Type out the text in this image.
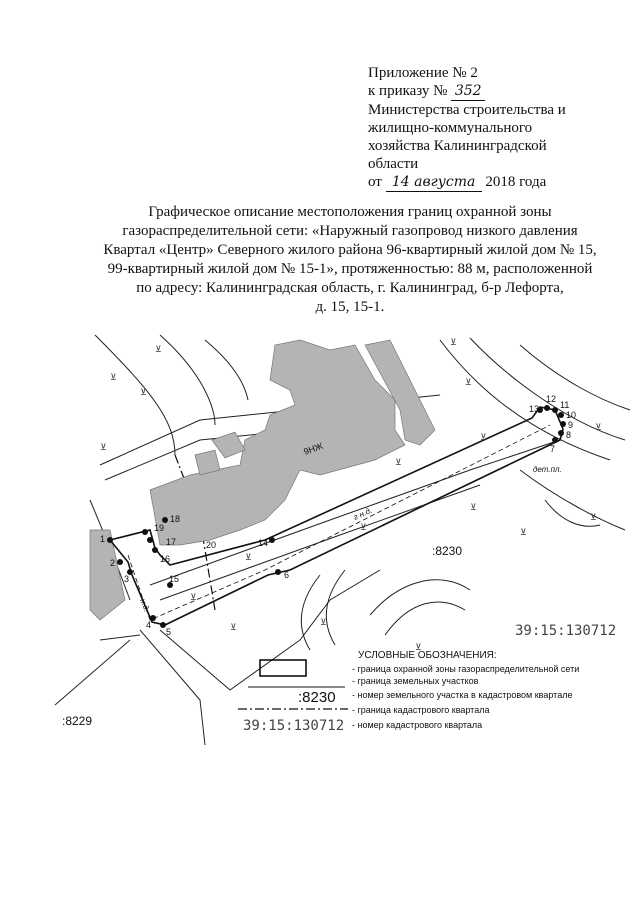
Приложение № 2
к приказу № 352
Министерства строительства и
жилищно-коммунального
хозяйства Калининградской
области
от 14 августа 2018 года
Графическое описание местоположения границ охранной зоны
газораспределительной сети: «Наружный газопровод низкого давления
Квартал «Центр» Северного жилого района 96-квартирный жилой дом № 15,
99-квартирный жилой дом № 15-1», протяженностью: 88 м, расположенной
по адресу: Калининградская область, г. Калининград, б-р Лефорта,
д. 15, 15-1.
1
2
3
4
5
6
7
8
9
10
11
12
13
14
15
16
17
18
19
9НЖ
20	:8230
:8229
39:15:130712
дет.пл.
г н.д.
н.д.
⊻
⊻
⊻
⊻
⊻
⊻
⊻
⊻
⊻
⊻
⊻
⊻
⊻
⊻
⊻
⊻
⊻	⊻
:8230
39:15:130712
УСЛОВНЫЕ ОБОЗНАЧЕНИЯ:
- граница охранной зоны газораспределительной сети
- граница земельных участков
- номер земельного участка в кадастровом квартале
- граница кадастрового квартала
- номер кадастрового квартала
